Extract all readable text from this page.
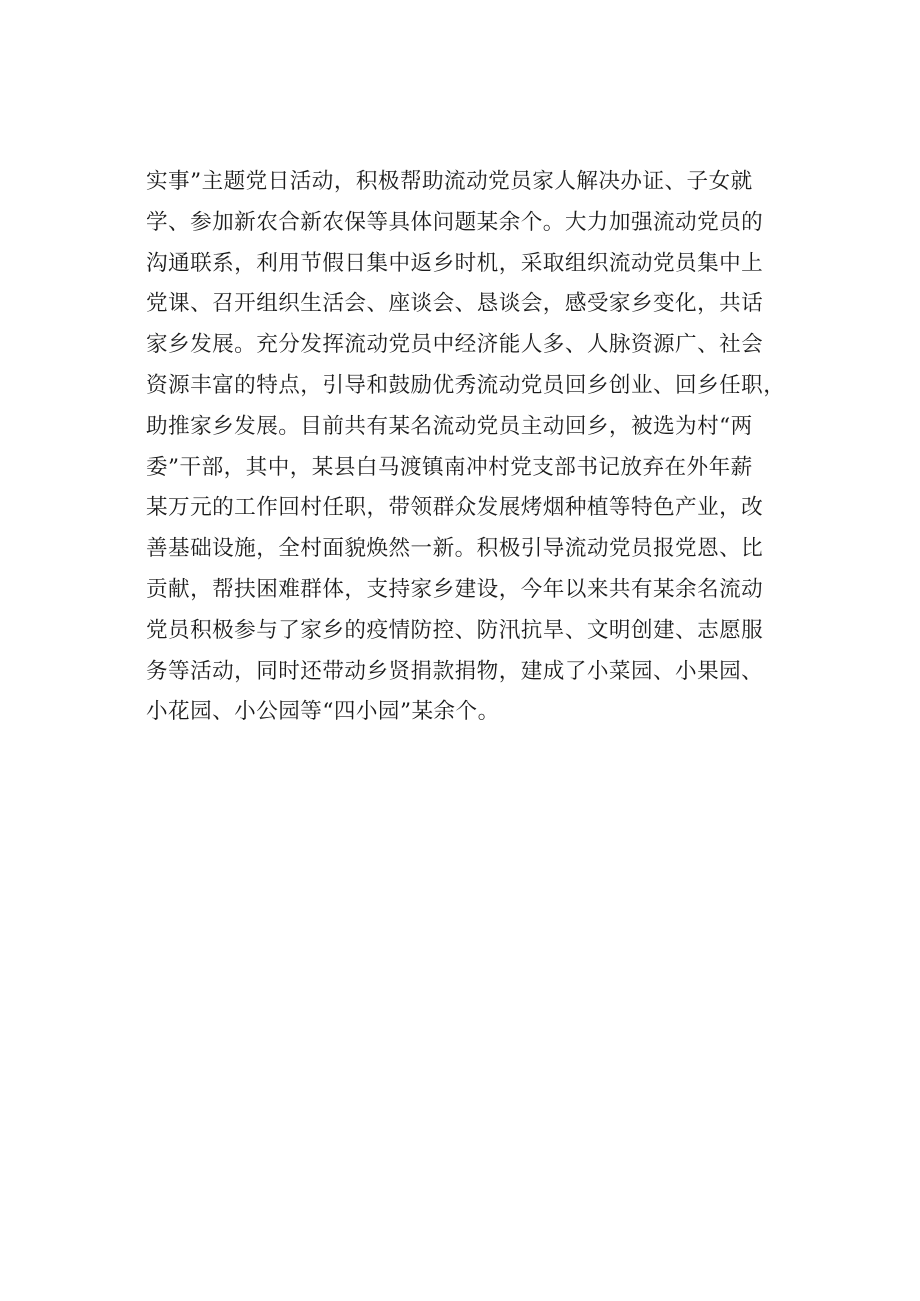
实事”主题党日活动，积极帮助流动党员家人解决办证、子女就
学、参加新农合新农保等具体问题某余个。大力加强流动党员的
沟通联系，利用节假日集中返乡时机，采取组织流动党员集中上
党课、召开组织生活会、座谈会、恳谈会，感受家乡变化，共话
家乡发展。充分发挥流动党员中经济能人多、人脉资源广、社会
资源丰富的特点，引导和鼓励优秀流动党员回乡创业、回乡任职，
助推家乡发展。目前共有某名流动党员主动回乡，被选为村“两
委”干部，其中，某县白马渡镇南冲村党支部书记放弃在外年薪
某万元的工作回村任职，带领群众发展烤烟种植等特色产业，改
善基础设施，全村面貌焕然一新。积极引导流动党员报党恩、比
贡献，帮扶困难群体，支持家乡建设，今年以来共有某余名流动
党员积极参与了家乡的疫情防控、防汛抗旱、文明创建、志愿服
务等活动，同时还带动乡贤捐款捐物，建成了小菜园、小果园、
小花园、小公园等“四小园”某余个。
